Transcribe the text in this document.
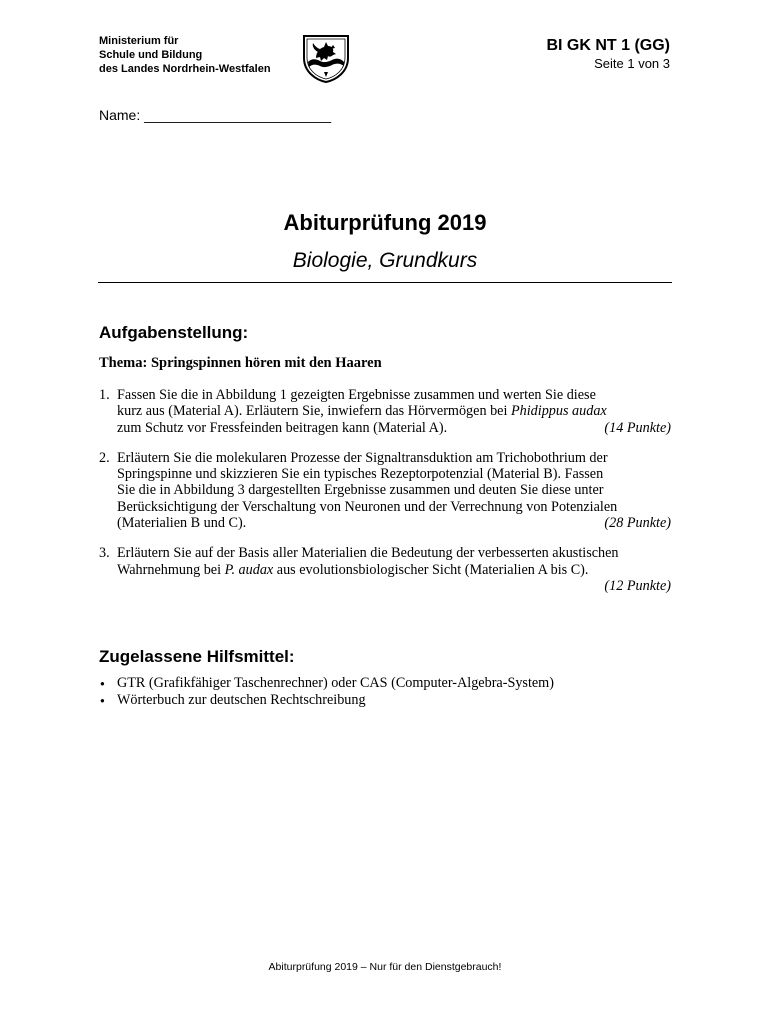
Ministerium für
Schule und Bildung
des Landes Nordrhein-Westfalen
BI GK NT 1 (GG)
Seite 1 von 3
Name: ________________________
Abiturprüfung 2019
Biologie, Grundkurs
Aufgabenstellung:
Thema: Springspinnen hören mit den Haaren
1. Fassen Sie die in Abbildung 1 gezeigten Ergebnisse zusammen und werten Sie diese
kurz aus (Material A). Erläutern Sie, inwiefern das Hörvermögen bei Phidippus audax
zum Schutz vor Fressfeinden beitragen kann (Material A).	(14 Punkte)
2. Erläutern Sie die molekularen Prozesse der Signaltransduktion am Trichobothrium der
Springspinne und skizzieren Sie ein typisches Rezeptorpotenzial (Material B). Fassen
Sie die in Abbildung 3 dargestellten Ergebnisse zusammen und deuten Sie diese unter
Berücksichtigung der Verschaltung von Neuronen und der Verrechnung von Potenzialen
(Materialien B und C).	(28 Punkte)
3. Erläutern Sie auf der Basis aller Materialien die Bedeutung der verbesserten akustischen
Wahrnehmung bei P. audax aus evolutionsbiologischer Sicht (Materialien A bis C).
(12 Punkte)
Zugelassene Hilfsmittel:
● GTR (Grafikfähiger Taschenrechner) oder CAS (Computer-Algebra-System)
● Wörterbuch zur deutschen Rechtschreibung
Abiturprüfung 2019 – Nur für den Dienstgebrauch!
